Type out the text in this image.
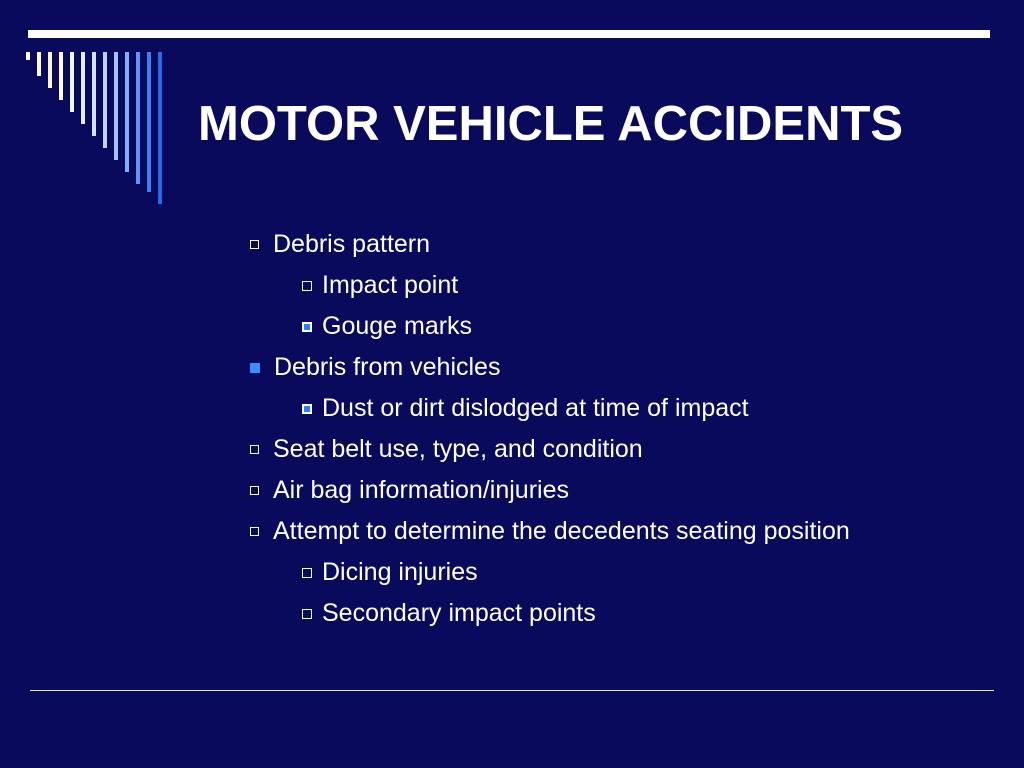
MOTOR VEHICLE ACCIDENTS
Debris pattern
Impact point
Gouge marks
Debris from vehicles
Dust or dirt dislodged at time of impact
Seat belt use, type, and condition
Air bag information/injuries
Attempt to determine the decedents seating position
Dicing injuries
Secondary impact points
